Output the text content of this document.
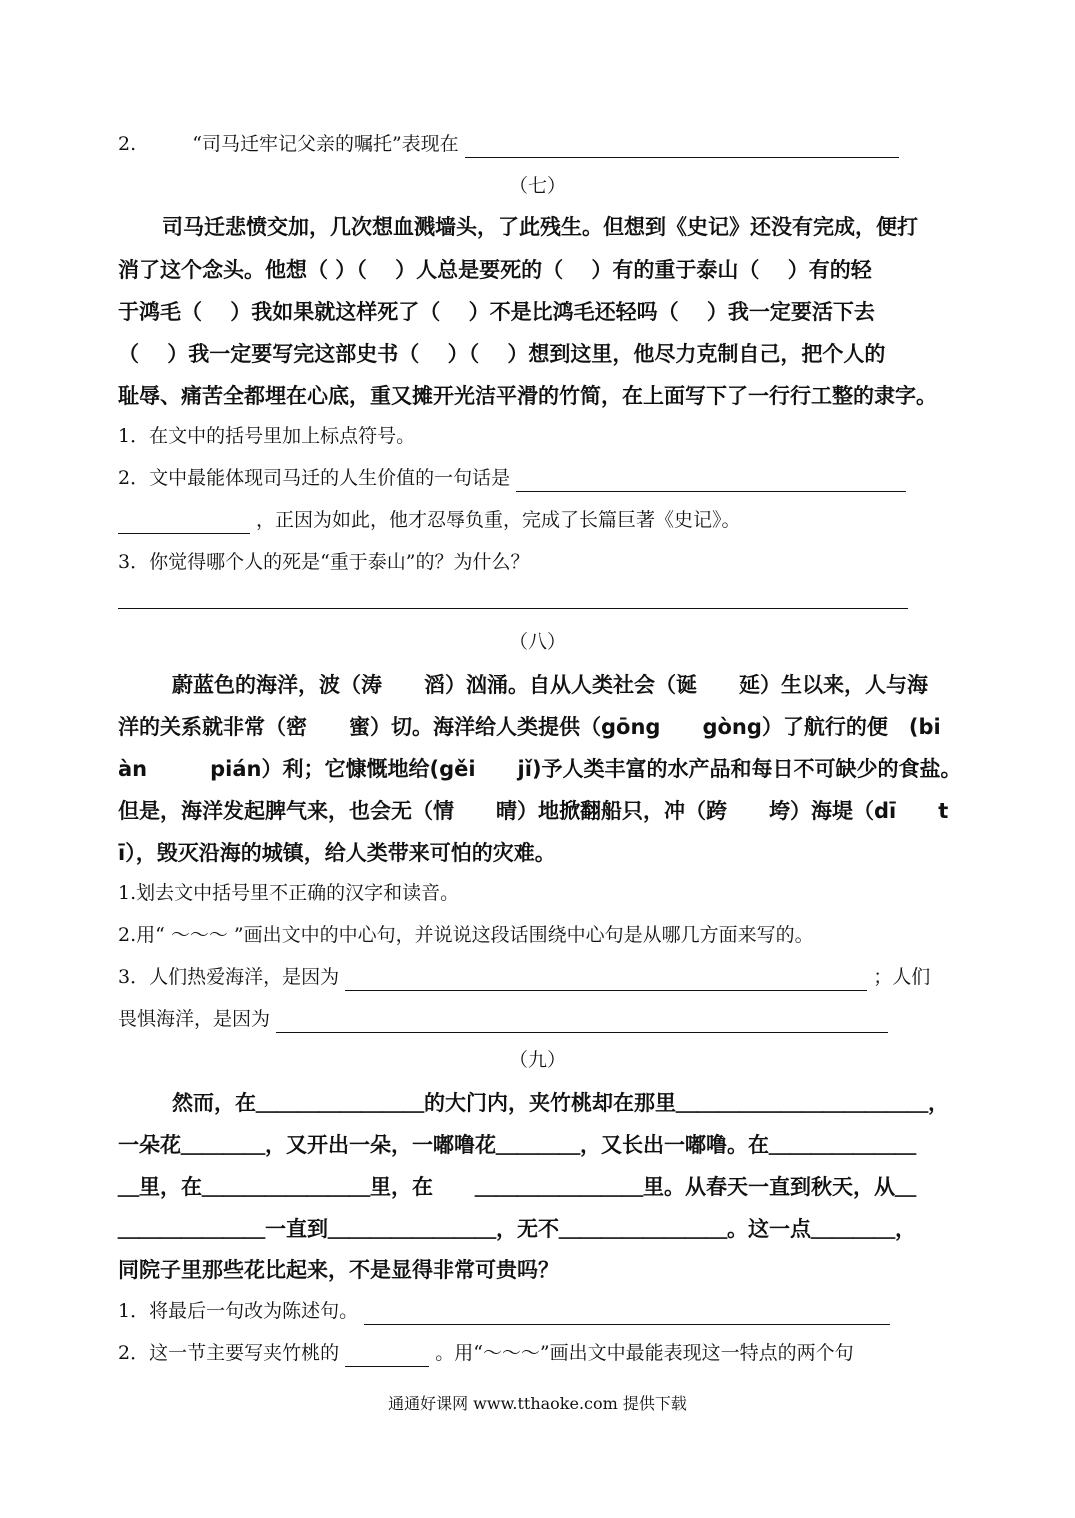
2.	“司马迁牢记父亲的嘱托”表现在
（七）
司马迁悲愤交加，几次想血溅墙头，了此残生。但想到《史记》还没有完成，便打
消了这个念头。他想（ ）（　 ）人总是要死的（　 ）有的重于泰山（　 ）有的轻
于鸿毛（　 ）我如果就这样死了（　 ）不是比鸿毛还轻吗（　 ）我一定要活下去
（　 ）我一定要写完这部史书（　 ）（　 ）想到这里，他尽力克制自己，把个人的
耻辱、痛苦全都埋在心底，重又摊开光洁平滑的竹简，在上面写下了一行行工整的隶字。
1．在文中的括号里加上标点符号。
2．文中最能体现司马迁的人生价值的一句话是
，正因为如此，他才忍辱负重，完成了长篇巨著《史记》。
3．你觉得哪个人的死是“重于泰山”的？为什么？
（八）
蔚蓝色的海洋，波（涛　　滔）汹涌。自从人类社会（诞　　延）生以来，人与海
洋的关系就非常（密　　蜜）切。海洋给人类提供（gōng　　gòng）了航行的便　(bi
àn　　　pián）利；它慷慨地给(gěi　　jǐ)予人类丰富的水产品和每日不可缺少的食盐。
但是，海洋发起脾气来，也会无（情　　晴）地掀翻船只，冲（跨　　垮）海堤（dī　　t
ī），毁灭沿海的城镇，给人类带来可怕的灾难。
1.划去文中括号里不正确的汉字和读音。
2.用“ ～～～ ”画出文中的中心句，并说说这段话围绕中心句是从哪几方面来写的。
3．人们热爱海洋，是因为	；人们
畏惧海洋，是因为
（九）
然而，在＿＿＿＿＿＿＿＿的大门内，夹竹桃却在那里＿＿＿＿＿＿＿＿＿＿＿＿，
一朵花＿＿＿＿，又开出一朵，一嘟噜花＿＿＿＿，又长出一嘟噜。在＿＿＿＿＿＿＿
＿里，在＿＿＿＿＿＿＿＿里，在　　＿＿＿＿＿＿＿＿里。从春天一直到秋天，从＿
＿＿＿＿＿＿＿一直到＿＿＿＿＿＿＿＿，无不＿＿＿＿＿＿＿＿。这一点＿＿＿＿，
同院子里那些花比起来，不是显得非常可贵吗？
1．将最后一句改为陈述句。
2．这一节主要写夹竹桃的	。用“～～～”画出文中最能表现这一特点的两个句
通通好课网 www.tthaoke.com 提供下载
